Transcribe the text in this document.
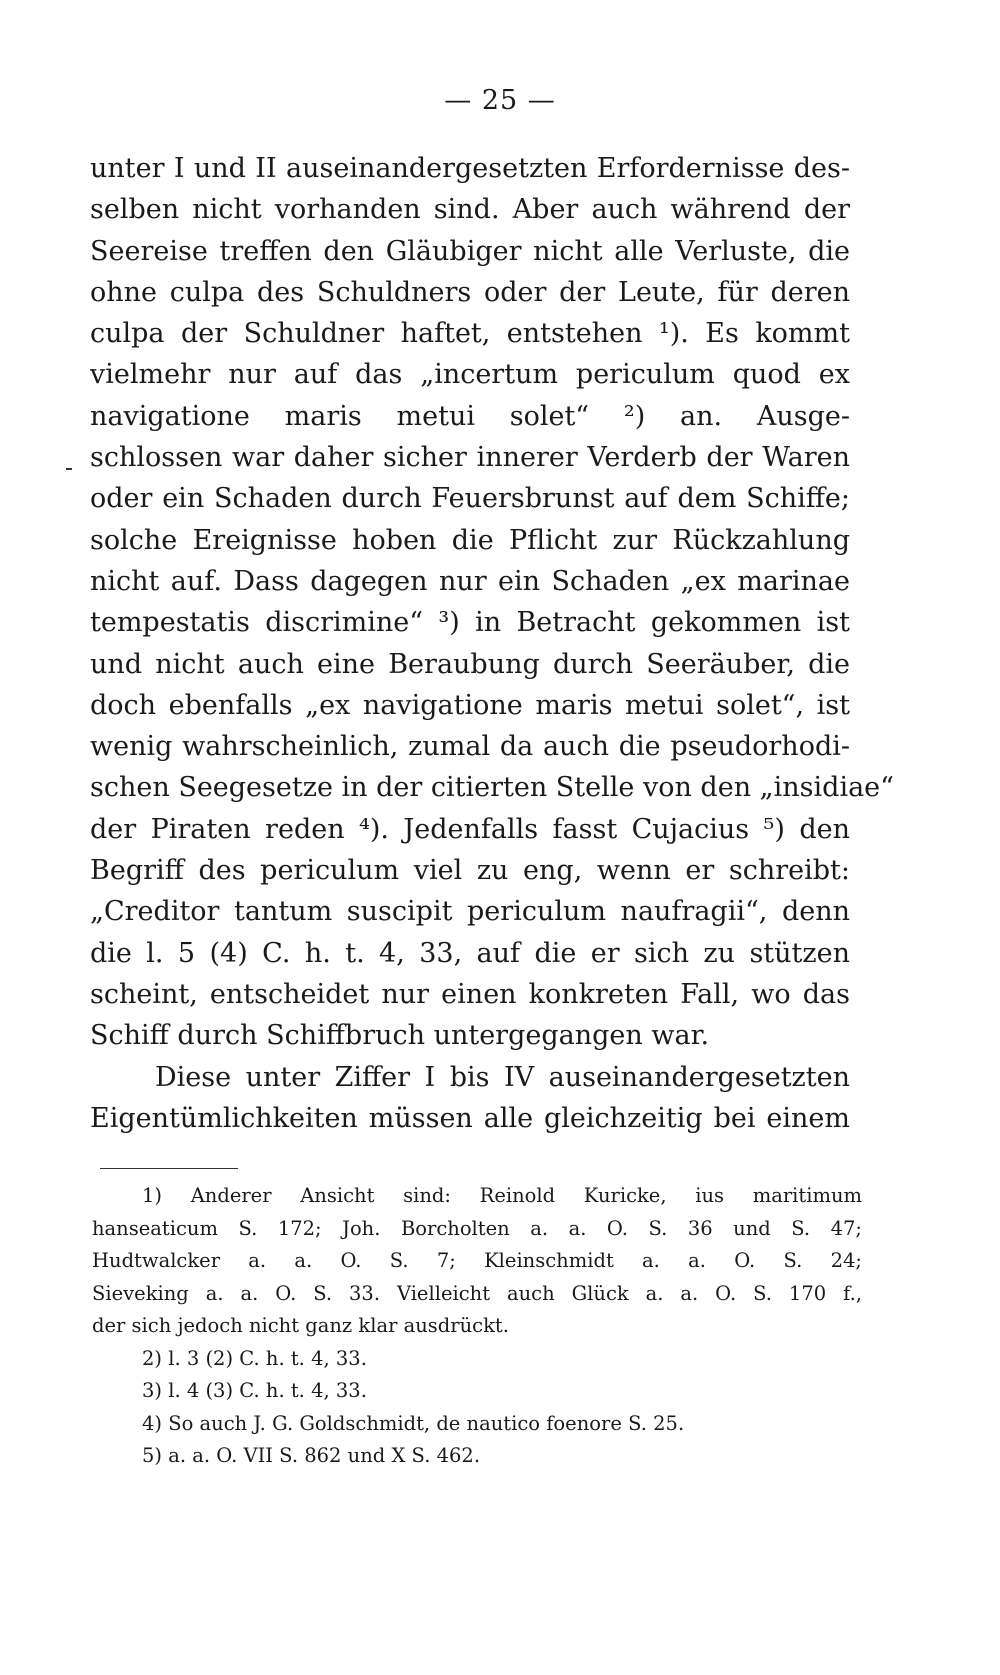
— 25 —
unter I und II auseinandergesetzten Erfordernisse des-
selben nicht vorhanden sind. Aber auch während der
Seereise treffen den Gläubiger nicht alle Verluste, die
ohne culpa des Schuldners oder der Leute, für deren
culpa der Schuldner haftet, entstehen ¹). Es kommt
vielmehr nur auf das „incertum periculum quod ex
navigatione maris metui solet“ ²) an. Ausge-
schlossen war daher sicher innerer Verderb der Waren
oder ein Schaden durch Feuersbrunst auf dem Schiffe;
solche Ereignisse hoben die Pflicht zur Rückzahlung
nicht auf. Dass dagegen nur ein Schaden „ex marinae
tempestatis discrimine“ ³) in Betracht gekommen ist
und nicht auch eine Beraubung durch Seeräuber, die
doch ebenfalls „ex navigatione maris metui solet“, ist
wenig wahrscheinlich, zumal da auch die pseudorhodi-
schen Seegesetze in der citierten Stelle von den „insidiae“
der Piraten reden ⁴). Jedenfalls fasst Cujacius ⁵) den
Begriff des periculum viel zu eng, wenn er schreibt:
„Creditor tantum suscipit periculum naufragii“, denn
die l. 5 (4) C. h. t. 4, 33, auf die er sich zu stützen
scheint, entscheidet nur einen konkreten Fall, wo das
Schiff durch Schiffbruch untergegangen war.
Diese unter Ziffer I bis IV auseinandergesetzten
Eigentümlichkeiten müssen alle gleichzeitig bei einem
1) Anderer Ansicht sind: Reinold Kuricke, ius maritimum
hanseaticum S. 172; Joh. Borcholten a. a. O. S. 36 und S. 47;
Hudtwalcker a. a. O. S. 7; Kleinschmidt a. a. O. S. 24;
Sieveking a. a. O. S. 33. Vielleicht auch Glück a. a. O. S. 170 f.,
der sich jedoch nicht ganz klar ausdrückt.
2) l. 3 (2) C. h. t. 4, 33.
3) l. 4 (3) C. h. t. 4, 33.
4) So auch J. G. Goldschmidt, de nautico foenore S. 25.
5) a. a. O. VII S. 862 und X S. 462.
